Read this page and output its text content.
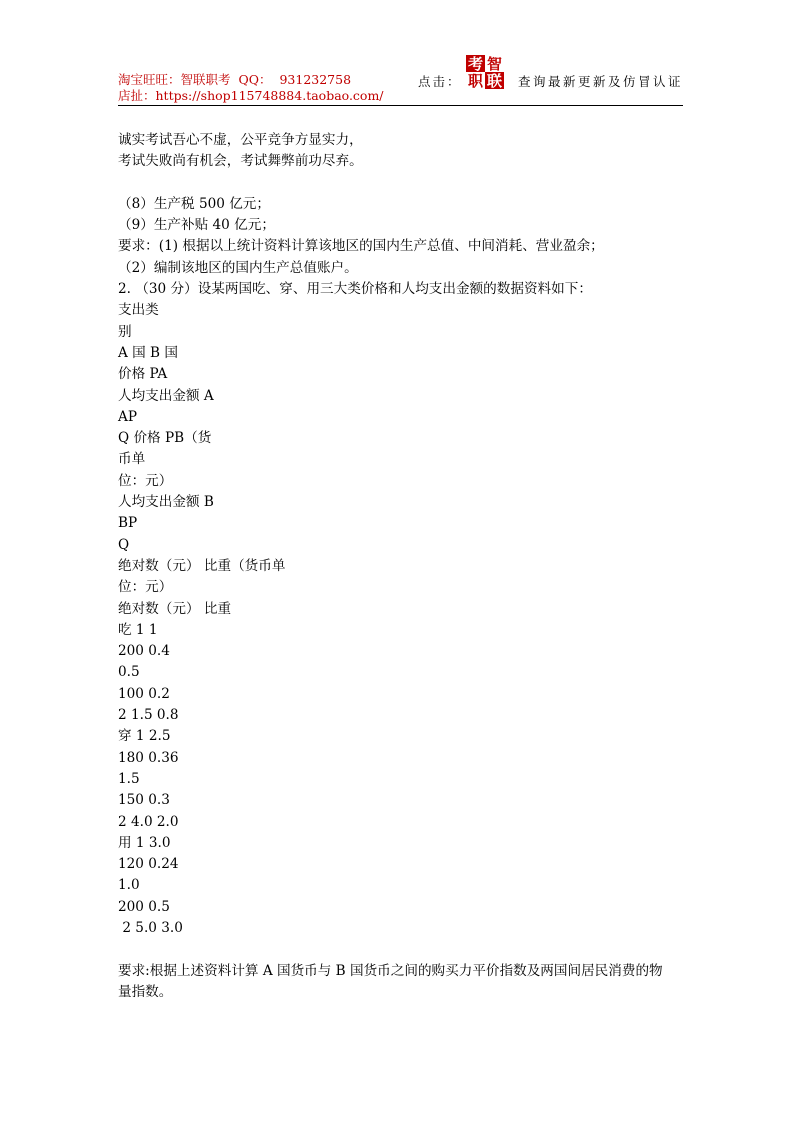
淘宝旺旺：智联职考 QQ： 931232758
店扯：https://shop115748884.taobao.com/
点击：
考 智
职 联 查询最新更新及仿冒认证
诚实考试吾心不虚，公平竞争方显实力，
考试失败尚有机会，考试舞弊前功尽弃。
（8）生产税 500 亿元；
（9）生产补贴 40 亿元；
要求：(1) 根据以上统计资料计算该地区的国内生产总值、中间消耗、营业盈余；
（2）编制该地区的国内生产总值账户。
2. （30 分）设某两国吃、穿、用三大类价格和人均支出金额的数据资料如下：
支出类
别
A 国 B 国
价格 PA
人均支出金额 A
AP
Q 价格 PB（货
币单
位：元）
人均支出金额 B
BP
Q
绝对数（元） 比重（货币单
位：元）
绝对数（元） 比重
吃 1 1
200 0.4
0.5
100 0.2
2 1.5 0.8
穿 1 2.5
180 0.36
1.5
150 0.3
2 4.0 2.0
用 1 3.0
120 0.24
1.0
200 0.5
2 5.0 3.0
要求:根据上述资料计算 A 国货币与 B 国货币之间的购买力平价指数及两国间居民消费的物
量指数。
